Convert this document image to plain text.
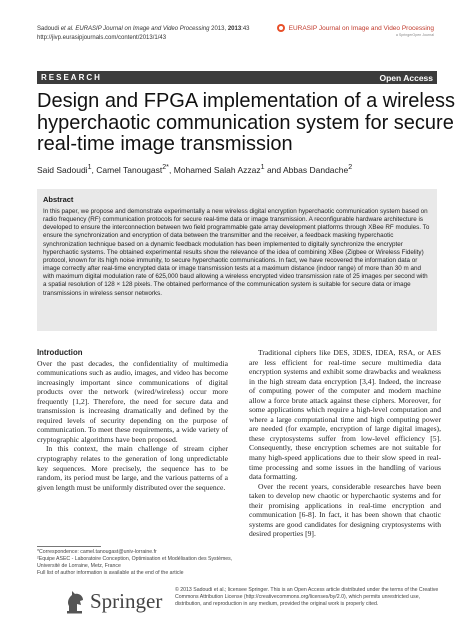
Sadoudi et al. EURASIP Journal on Image and Video Processing 2013, 2013:43
http://jivp.eurasipjournals.com/content/2013/1/43
EURASIP Journal on Image and Video Processing
a SpringerOpen Journal
RESEARCH	Open Access
Design and FPGA implementation of a wireless hyperchaotic communication system for secure real-time image transmission
Said Sadoudi$^1$, Camel Tanougast$^{2*}$, Mohamed Salah Azzaz$^1$ and Abbas Dandache$^2$
Abstract
In this paper, we propose and demonstrate experimentally a new wireless digital encryption hyperchaotic communication system based on radio frequency (RF) communication protocols for secure real-time data or image transmission. A reconfigurable hardware architecture is developed to ensure the interconnection between two field programmable gate array development platforms through XBee RF modules. To ensure the synchronization and encryption of data between the transmitter and the receiver, a feedback masking hyperchaotic synchronization technique based on a dynamic feedback modulation has been implemented to digitally synchronize the encrypter hyperchaotic systems. The obtained experimental results show the relevance of the idea of combining XBee (Zigbee or Wireless Fidelity) protocol, known for its high noise immunity, to secure hyperchaotic communications. In fact, we have recovered the information data or image correctly after real-time encrypted data or image transmission tests at a maximum distance (indoor range) of more than 30 m and with maximum digital modulation rate of 625,000 baud allowing a wireless encrypted video transmission rate of 25 images per second with a spatial resolution of 128 × 128 pixels. The obtained performance of the communication system is suitable for secure data or image transmissions in wireless sensor networks.
Introduction

Over the past decades, the confidentiality of multimedia communications such as audio, images, and video has become increasingly important since communications of digital products over the network (wired/wireless) occur more frequently [1,2]. Therefore, the need for secure data and transmission is increasing dramatically and defined by the required levels of security depending on the purpose of communication. To meet these requirements, a wide variety of cryptographic algorithms have been proposed.

In this context, the main challenge of stream cipher cryptography relates to the generation of long unpredictable key sequences. More precisely, the sequence has to be random, its period must be large, and the various patterns of a given length must be uniformly distributed over the sequence.

Traditional ciphers like DES, 3DES, IDEA, RSA, or AES are less efficient for real-time secure multimedia data encryption systems and exhibit some drawbacks and weakness in the high stream data encryption [3,4]. Indeed, the increase of computing power of the computer and modern machine allow a force brute attack against these ciphers. Moreover, for some applications which require a high-level computation and where a large computational time and high computing power are needed (for example, encryption of large digital images), these cryptosystems suffer from low-level efficiency [5]. Consequently, these encryption schemes are not suitable for many high-speed applications due to their slow speed in real-time processing and some issues in the handling of various data formatting.

Over the recent years, considerable researches have been taken to develop new chaotic or hyperchaotic systems and for their promising applications in real-time encryption and communication [6-8]. In fact, it has been shown that chaotic systems are good candidates for designing cryptosystems with desired properties [9].

*Correspondence: camel.tanougast@univ-lorraine.fr
²Equipe ASEC - Laboratoire Conception, Optimisation et Modélisation des Systèmes, Université de Lorraine, Metz, France
Full list of author information is available at the end of the article
Springer © 2013 Sadoudi et al.; licensee Springer. This is an Open Access article distributed under the terms of the Creative Commons Attribution License (http://creativecommons.org/licenses/by/2.0), which permits unrestricted use, distribution, and reproduction in any medium, provided the original work is properly cited.
